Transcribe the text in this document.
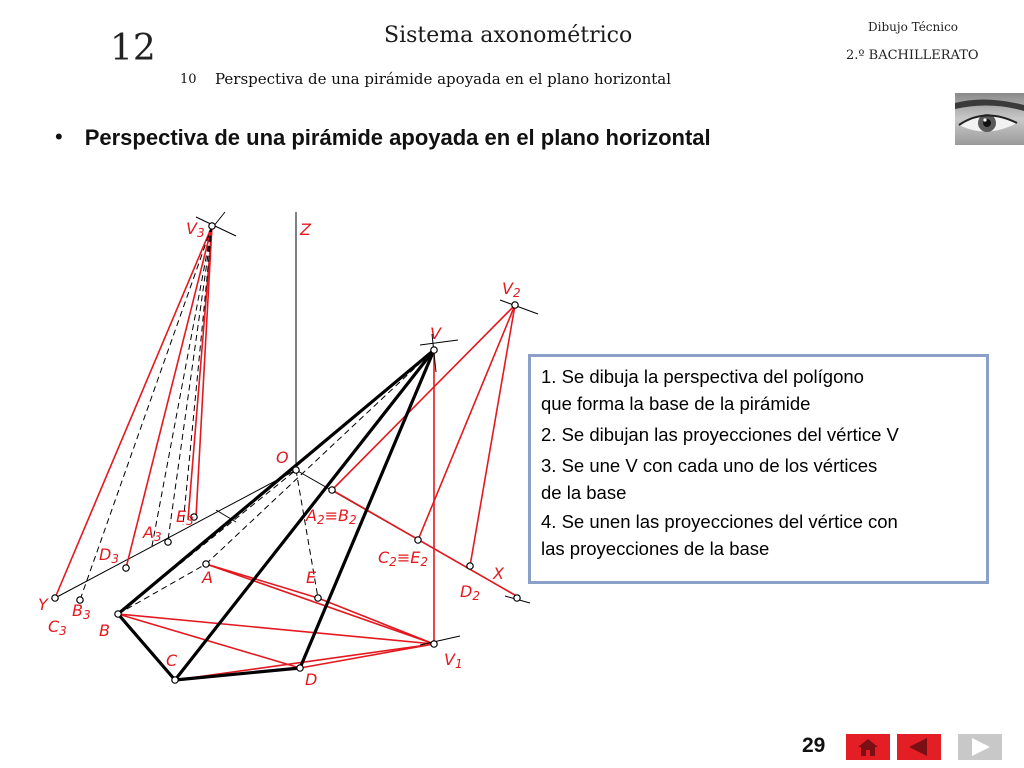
12	Sistema axonométrico
10 Perspectiva de una pirámide apoyada en el plano horizontal
Dibujo Técnico
2.º BACHILLERATO
• Perspectiva de una pirámide apoyada en el plano horizontal
V3	Z
V2
V
O
A2≡B2
E3
A3
D3	C2≡E2
A	E	X
D2
Y B3
C3 B
V1
C
D
1. Se dibuja la perspectiva del polígono
que forma la base de la pirámide
2. Se dibujan las proyecciones del vértice V
3. Se une V con cada uno de los vértices
de la base
4. Se unen las proyecciones del vértice con
las proyecciones de la base
29
